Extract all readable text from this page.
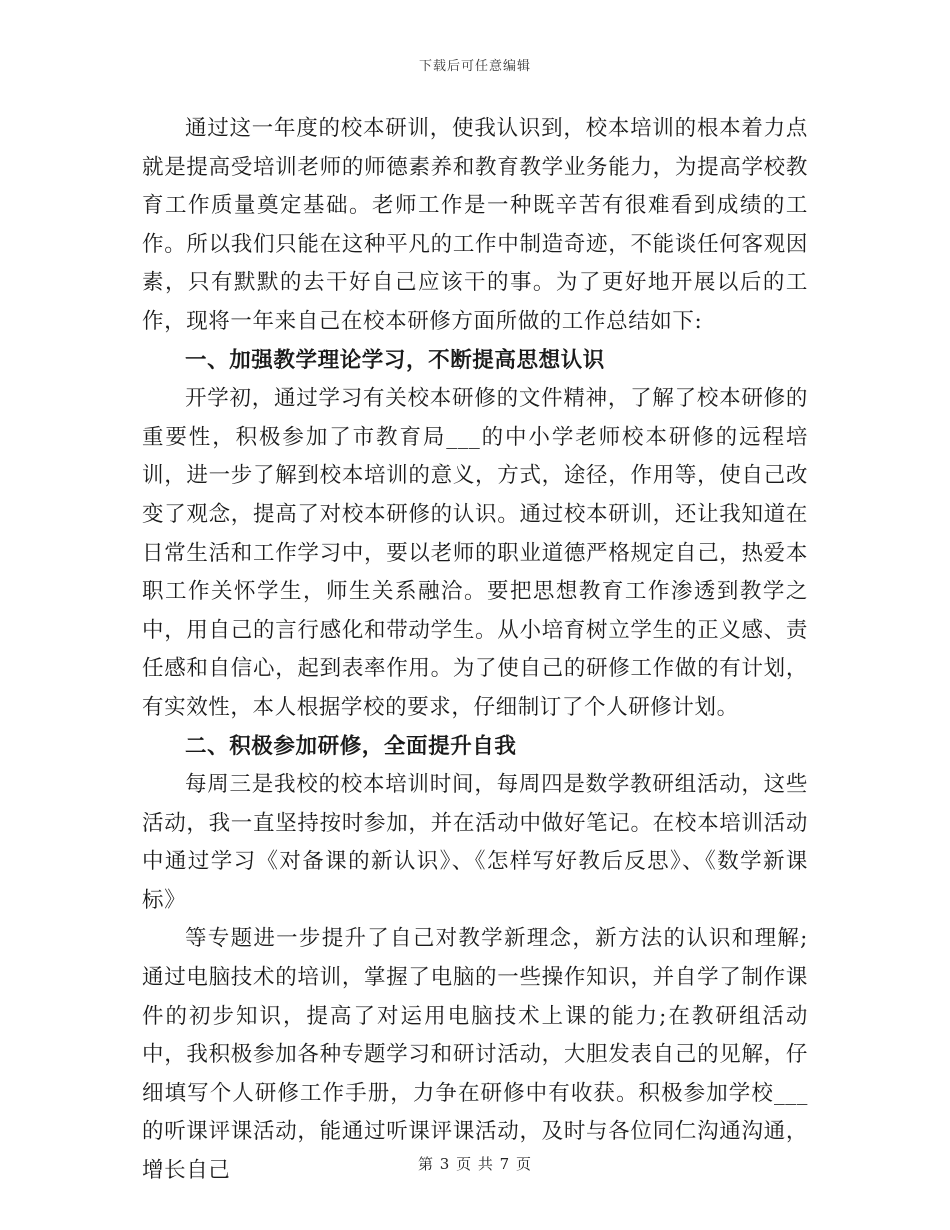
下载后可任意编辑

通过这一年度的校本研训，使我认识到，校本培训的根本着力点就是提高受培训老师的师德素养和教育教学业务能力，为提高学校教育工作质量奠定基础。老师工作是一种既辛苦有很难看到成绩的工作。所以我们只能在这种平凡的工作中制造奇迹，不能谈任何客观因素，只有默默的去干好自己应该干的事。为了更好地开展以后的工作，现将一年来自己在校本研修方面所做的工作总结如下:

一、加强教学理论学习，不断提高思想认识

开学初，通过学习有关校本研修的文件精神，了解了校本研修的重要性，积极参加了市教育局___的中小学老师校本研修的远程培训，进一步了解到校本培训的意义，方式，途径，作用等，使自己改变了观念，提高了对校本研修的认识。通过校本研训，还让我知道在日常生活和工作学习中，要以老师的职业道德严格规定自己，热爱本职工作关怀学生，师生关系融洽。要把思想教育工作渗透到教学之中，用自己的言行感化和带动学生。从小培育树立学生的正义感、责任感和自信心，起到表率作用。为了使自己的研修工作做的有计划，有实效性，本人根据学校的要求，仔细制订了个人研修计划。

二、积极参加研修，全面提升自我

每周三是我校的校本培训时间，每周四是数学教研组活动，这些活动，我一直坚持按时参加，并在活动中做好笔记。在校本培训活动中通过学习《对备课的新认识》、《怎样写好教后反思》、《数学新课标》

等专题进一步提升了自己对教学新理念，新方法的认识和理解;通过电脑技术的培训，掌握了电脑的一些操作知识，并自学了制作课件的初步知识，提高了对运用电脑技术上课的能力;在教研组活动中，我积极参加各种专题学习和研讨活动，大胆发表自己的见解，仔细填写个人研修工作手册，力争在研修中有收获。积极参加学校___的听课评课活动，能通过听课评课活动，及时与各位同仁沟通沟通，增长自己	第 3 页 共 7 页
